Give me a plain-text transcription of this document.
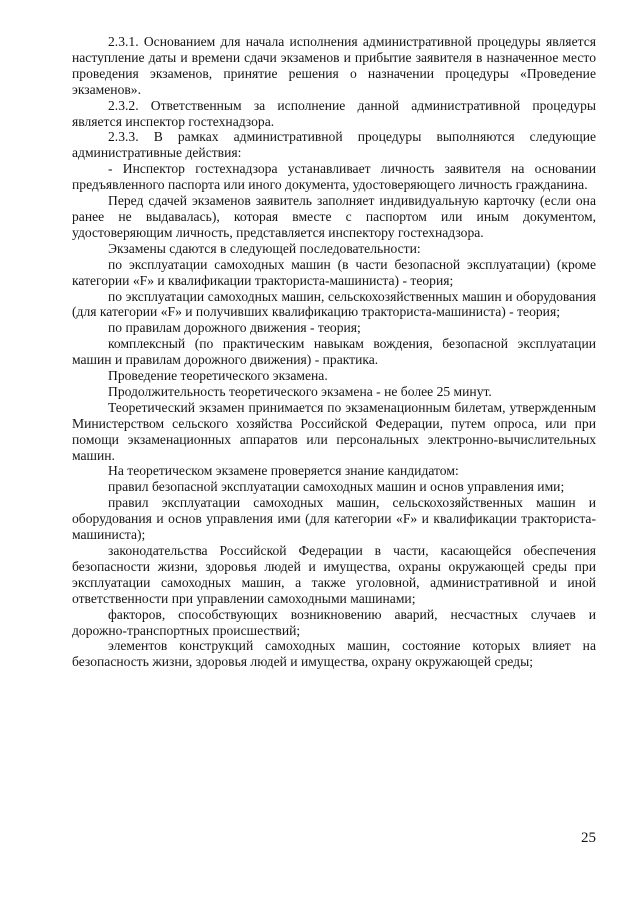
2.3.1. Основанием для начала исполнения административной процедуры является наступление даты и времени сдачи экзаменов и прибытие заявителя в назначенное место проведения экзаменов, принятие решения о назначении процедуры «Проведение экзаменов».

2.3.2. Ответственным за исполнение данной административной процедуры является инспектор гостехнадзора.

2.3.3. В рамках административной процедуры выполняются следующие административные действия:

- Инспектор гостехнадзора устанавливает личность заявителя на основании предъявленного паспорта или иного документа, удостоверяющего личность гражданина.

Перед сдачей экзаменов заявитель заполняет индивидуальную карточку (если она ранее не выдавалась), которая вместе с паспортом или иным документом, удостоверяющим личность, представляется инспектору гостехнадзора.

Экзамены сдаются в следующей последовательности:

по эксплуатации самоходных машин (в части безопасной эксплуатации) (кроме категории «F» и квалификации тракториста-машиниста) - теория;

по эксплуатации самоходных машин, сельскохозяйственных машин и оборудования (для категории «F» и получивших квалификацию тракториста-машиниста) - теория;

по правилам дорожного движения - теория;

комплексный (по практическим навыкам вождения, безопасной эксплуатации машин и правилам дорожного движения) - практика.

Проведение теоретического экзамена.

Продолжительность теоретического экзамена - не более 25 минут.

Теоретический экзамен принимается по экзаменационным билетам, утвержденным Министерством сельского хозяйства Российской Федерации, путем опроса, или при помощи экзаменационных аппаратов или персональных электронно-вычислительных машин.

На теоретическом экзамене проверяется знание кандидатом:

правил безопасной эксплуатации самоходных машин и основ управления ими;

правил эксплуатации самоходных машин, сельскохозяйственных машин и оборудования и основ управления ими (для категории «F» и квалификации тракториста-машиниста);

законодательства Российской Федерации в части, касающейся обеспечения безопасности жизни, здоровья людей и имущества, охраны окружающей среды при эксплуатации самоходных машин, а также уголовной, административной и иной ответственности при управлении самоходными машинами;

факторов, способствующих возникновению аварий, несчастных случаев и дорожно-транспортных происшествий;

элементов конструкций самоходных машин, состояние которых влияет на безопасность жизни, здоровья людей и имущества, охрану окружающей среды;

25
